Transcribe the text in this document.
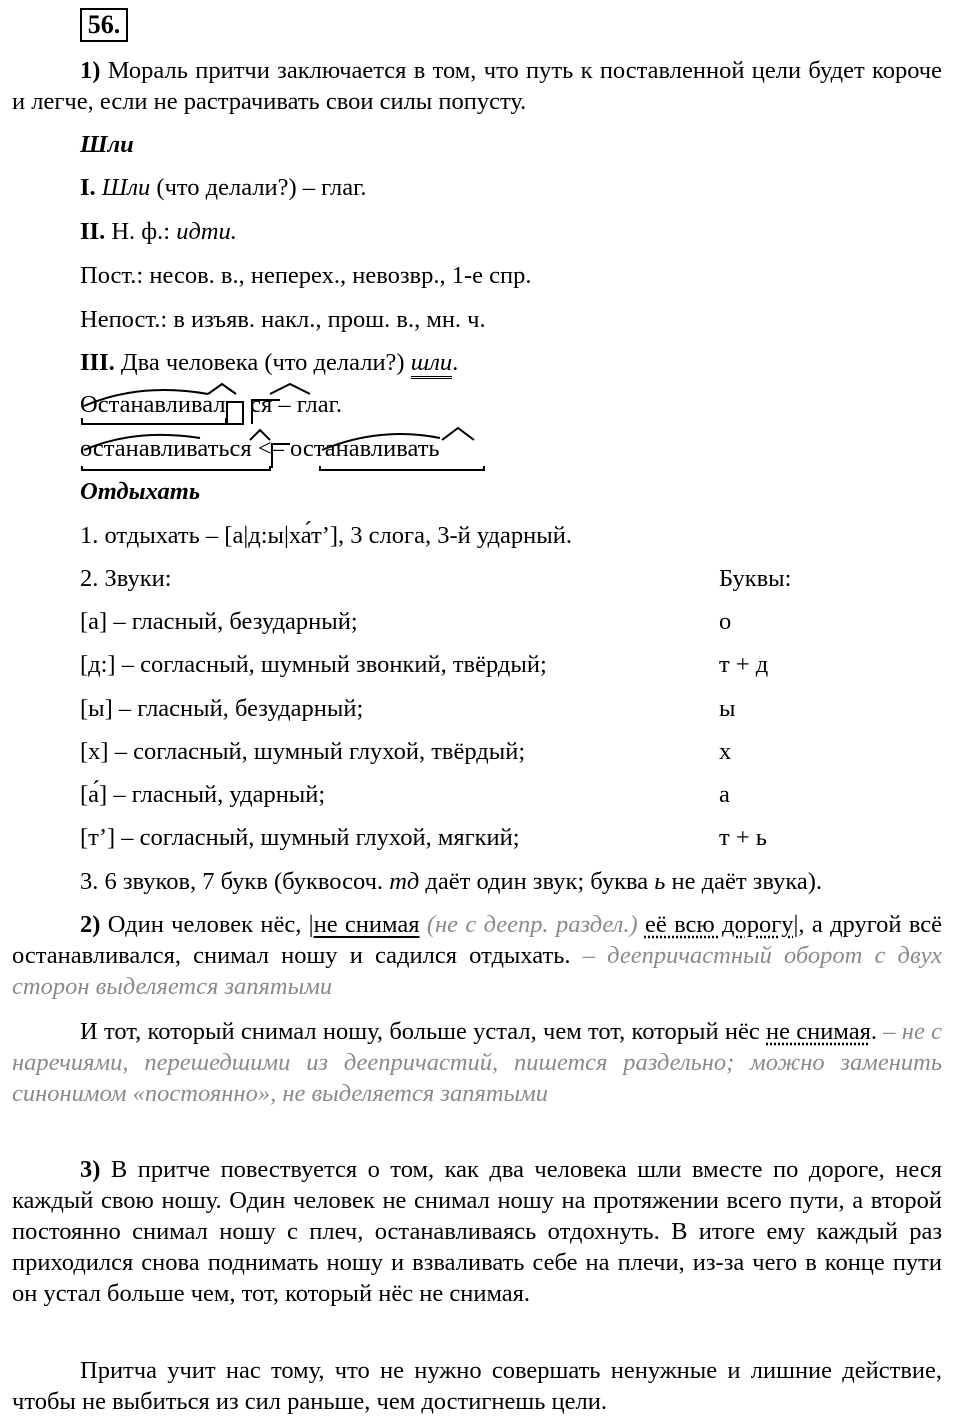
56.
1) Мораль притчи заключается в том, что путь к поставленной цели будет короче и легче, если не растрачивать свои силы попусту.
Шли
I. Шли (что делали?) – глаг.
II. Н. ф.: идти.
Пост.: несов. в., неперех., невозвр., 1-е спр.
Непост.: в изъяв. накл., прош. в., мн. ч.
III. Два человека (что делали?) шли.
Останавливал ся – глаг.
останавливаться <– останавливать
Отдыхать
1. отдыхать – [а|д:ы|ха́т’], 3 слога, 3-й ударный.
2. Звуки:	Буквы:
[а] – гласный, безударный;	о
[д:] – согласный, шумный звонкий, твёрдый;	т + д
[ы] – гласный, безударный;	ы
[х] – согласный, шумный глухой, твёрдый;	х
[а́] – гласный, ударный;	а
[т’] – согласный, шумный глухой, мягкий;	т + ь
3. 6 звуков, 7 букв (буквосоч. тд даёт один звук; буква ь не даёт звука).
2) Один человек нёс, |не снимая (не с деепр. раздел.) её всю дорогу|, а другой всё останавливался, снимал ношу и садился отдыхать. – деепричастный оборот с двух сторон выделяется запятыми
И тот, который снимал ношу, больше устал, чем тот, который нёс не снимая. – не с наречиями, перешедшими из деепричастий, пишется раздельно; можно заменить синонимом «постоянно», не выделяется запятыми
3) В притче повествуется о том, как два человека шли вместе по дороге, неся каждый свою ношу. Один человек не снимал ношу на протяжении всего пути, а второй постоянно снимал ношу с плеч, останавливаясь отдохнуть. В итоге ему каждый раз приходился снова поднимать ношу и взваливать себе на плечи, из-за чего в конце пути он устал больше чем, тот, который нёс не снимая.
Притча учит нас тому, что не нужно совершать ненужные и лишние действие, чтобы не выбиться из сил раньше, чем достигнешь цели.
